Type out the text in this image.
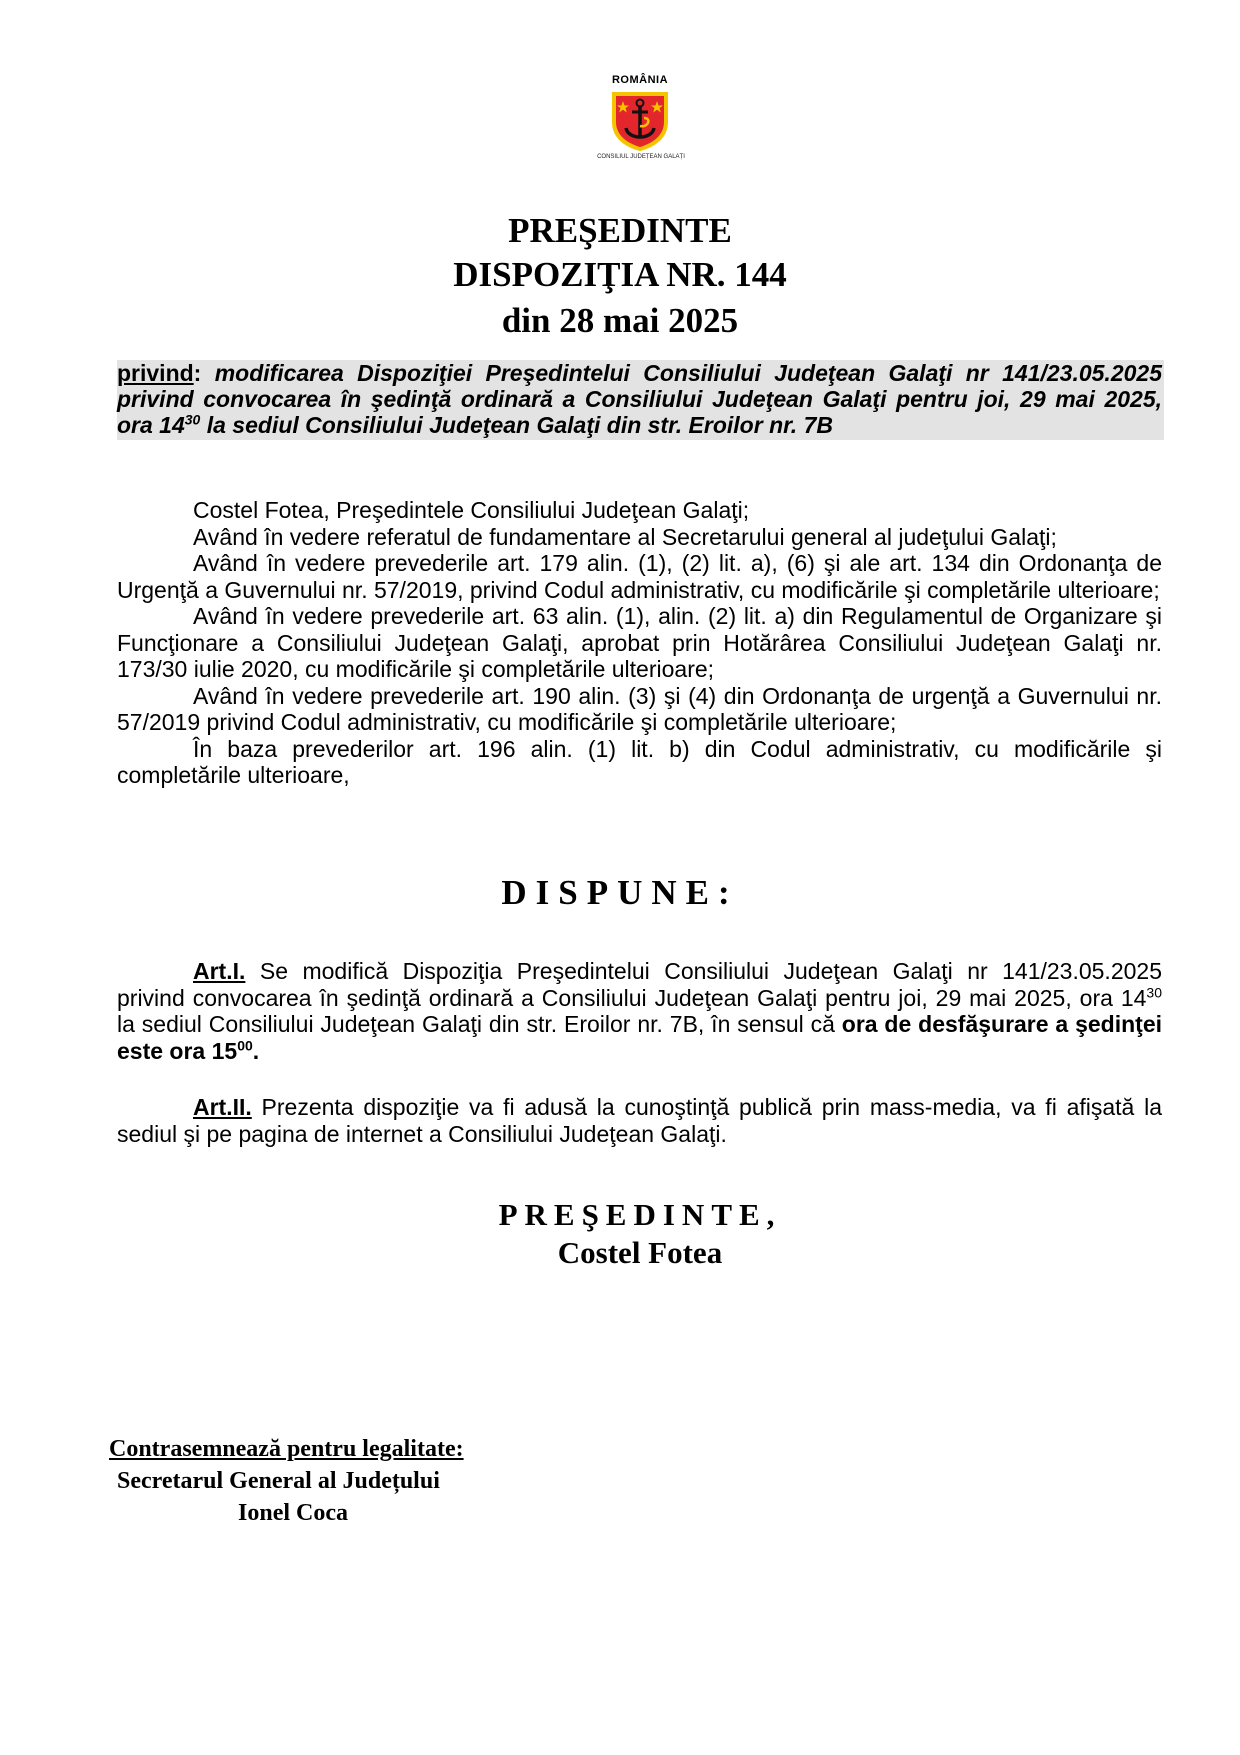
ROMÂNIA
CONSILIUL JUDEȚEAN GALAȚI
PREŞEDINTE
DISPOZIŢIA NR. 144
din 28 mai 2025
privind: modificarea Dispoziţiei Preşedintelui Consiliului Judeţean Galaţi nr 141/23.05.2025 privind convocarea în şedinţă ordinară a Consiliului Judeţean Galaţi pentru joi, 29 mai 2025, ora $14^{30}$ la sediul Consiliului Judeţean Galaţi din str. Eroilor nr. 7B

Costel Fotea, Preşedintele Consiliului Judeţean Galaţi;

Având în vedere referatul de fundamentare al Secretarului general al judeţului Galaţi;

Având în vedere prevederile art. 179 alin. (1), (2) lit. a), (6) şi ale art. 134 din Ordonanţa de Urgenţă a Guvernului nr. 57/2019, privind Codul administrativ, cu modificările şi completările ulterioare;

Având în vedere prevederile art. 63 alin. (1), alin. (2) lit. a) din Regulamentul de Organizare şi Funcţionare a Consiliului Judeţean Galaţi, aprobat prin Hotărârea Consiliului Judeţean Galaţi nr. 173/30 iulie 2020, cu modificările şi completările ulterioare;

Având în vedere prevederile art. 190 alin. (3) şi (4) din Ordonanţa de urgenţă a Guvernului nr. 57/2019 privind Codul administrativ, cu modificările şi completările ulterioare;

În baza prevederilor art. 196 alin. (1) lit. b) din Codul administrativ, cu modificările şi completările ulterioare,

DISPUNE:

Art.I. Se modifică Dispoziţia Preşedintelui Consiliului Judeţean Galaţi nr 141/23.05.2025 privind convocarea în şedinţă ordinară a Consiliului Judeţean Galaţi pentru joi, 29 mai 2025, ora $14^{30}$ la sediul Consiliului Judeţean Galaţi din str. Eroilor nr. 7B, în sensul că ora de desfăşurare a şedinţei este ora $15^{00}$.

Art.II. Prezenta dispoziţie va fi adusă la cunoştinţă publică prin mass-media, va fi afişată la sediul şi pe pagina de internet a Consiliului Judeţean Galaţi.

PREŞEDINTE,
Costel Fotea
Contrasemnează pentru legalitate:
Secretarul General al Județului
Ionel Coca
